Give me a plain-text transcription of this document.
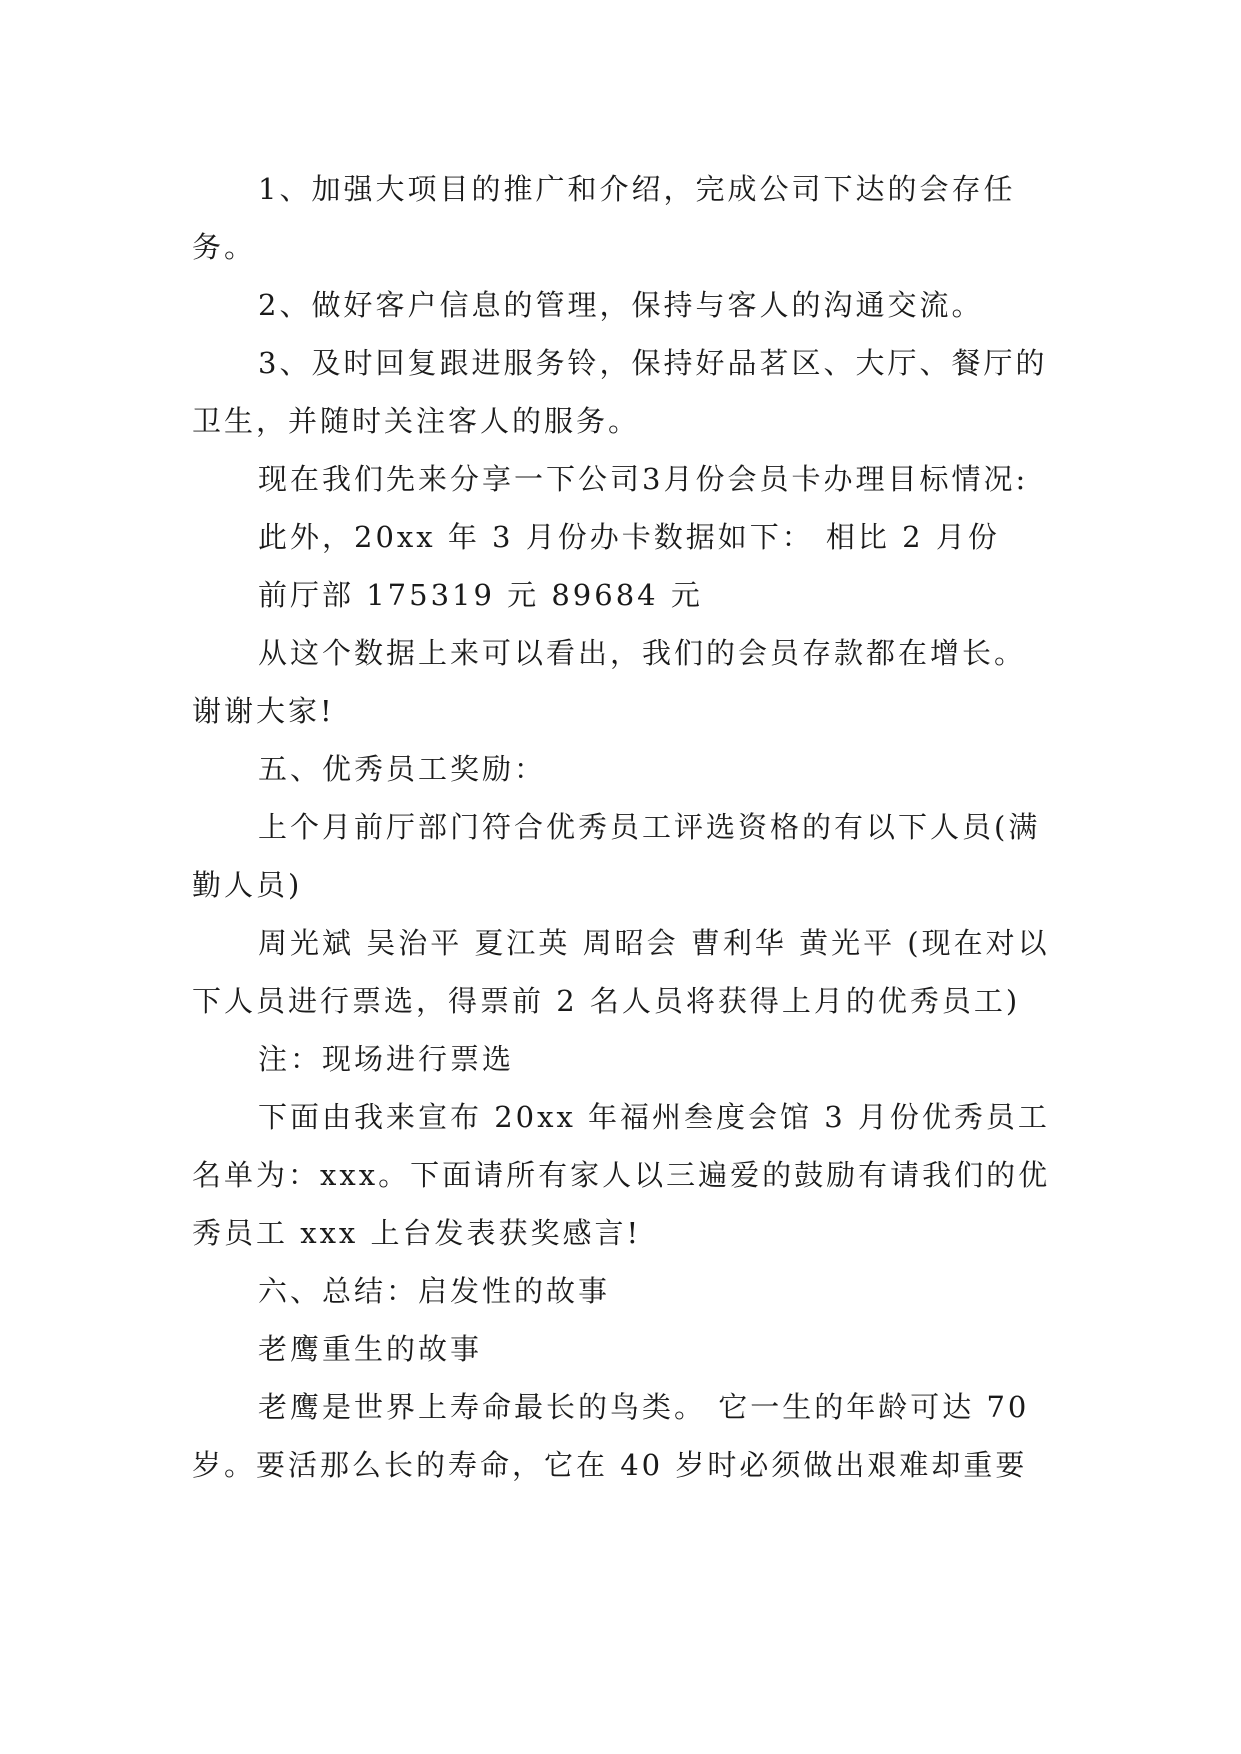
1、加强大项目的推广和介绍，完成公司下达的会存任务。

2、做好客户信息的管理，保持与客人的沟通交流。

3、及时回复跟进服务铃，保持好品茗区、大厅、餐厅的卫生，并随时关注客人的服务。

现在我们先来分享一下公司3月份会员卡办理目标情况:

此外，20xx 年 3 月份办卡数据如下： 相比 2 月份

前厅部 175319 元 89684 元

从这个数据上来可以看出，我们的会员存款都在增长。谢谢大家!

五、优秀员工奖励：

上个月前厅部门符合优秀员工评选资格的有以下人员(满勤人员)

周光斌 吴治平 夏江英 周昭会 曹利华 黄光平 (现在对以下人员进行票选，得票前 2 名人员将获得上月的优秀员工)

注：现场进行票选

下面由我来宣布 20xx 年福州叁度会馆 3 月份优秀员工名单为：xxx。下面请所有家人以三遍爱的鼓励有请我们的优秀员工 xxx 上台发表获奖感言!

六、总结：启发性的故事

老鹰重生的故事

老鹰是世界上寿命最长的鸟类。 它一生的年龄可达 70 岁。要活那么长的寿命，它在 40 岁时必须做出艰难却重要
